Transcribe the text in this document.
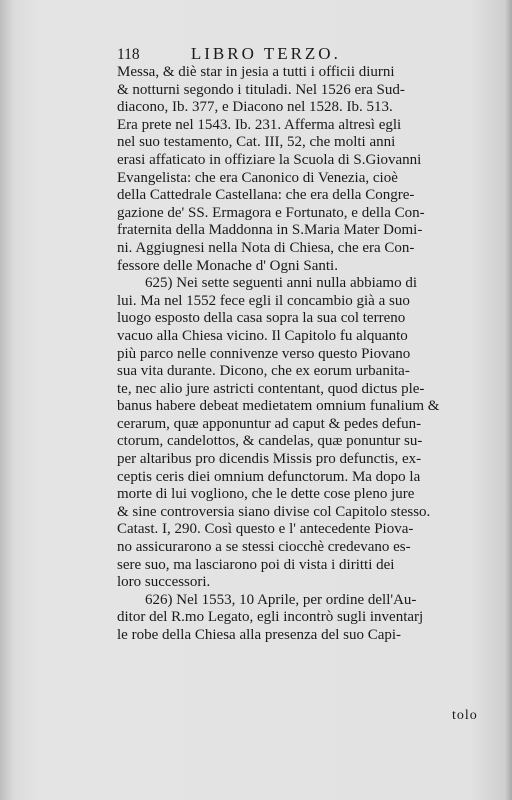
118	LIBRO TERZO.
Messa, & diè star in jesia a tutti i officii diurni
& notturni segondo i tituladi. Nel 1526 era Sud-
diacono, Ib. 377, e Diacono nel 1528. Ib. 513.
Era prete nel 1543. Ib. 231. Afferma altresì egli
nel suo testamento, Cat. III, 52, che molti anni
erasi affaticato in offiziare la Scuola di S.Giovanni
Evangelista: che era Canonico di Venezia, cioè
della Cattedrale Castellana: che era della Congre-
gazione de' SS. Ermagora e Fortunato, e della Con-
fraternita della Maddonna in S.Maria Mater Domi-
ni. Aggiugnesi nella Nota di Chiesa, che era Con-
fessore delle Monache d' Ogni Santi.
625) Nei sette seguenti anni nulla abbiamo di
lui. Ma nel 1552 fece egli il concambio già a suo
luogo esposto della casa sopra la sua col terreno
vacuo alla Chiesa vicino. Il Capitolo fu alquanto
più parco nelle connivenze verso questo Piovano
sua vita durante. Dicono, che ex eorum urbanita-
te, nec alio jure astricti contentant, quod dictus ple-
banus habere debeat medietatem omnium funalium &
cerarum, quæ apponuntur ad caput & pedes defun-
ctorum, candelottos, & candelas, quæ ponuntur su-
per altaribus pro dicendis Missis pro defunctis, ex-
ceptis ceris diei omnium defunctorum. Ma dopo la
morte di lui vogliono, che le dette cose pleno jure
& sine controversia siano divise col Capitolo stesso.
Catast. I, 290. Così questo e l' antecedente Piova-
no assicurarono a se stessi ciocchè credevano es-
sere suo, ma lasciarono poi di vista i diritti dei
loro successori.
626) Nel 1553, 10 Aprile, per ordine dell'Au-
ditor del R.mo Legato, egli incontrò sugli inventarj
le robe della Chiesa alla presenza del suo Capi-
tolo
